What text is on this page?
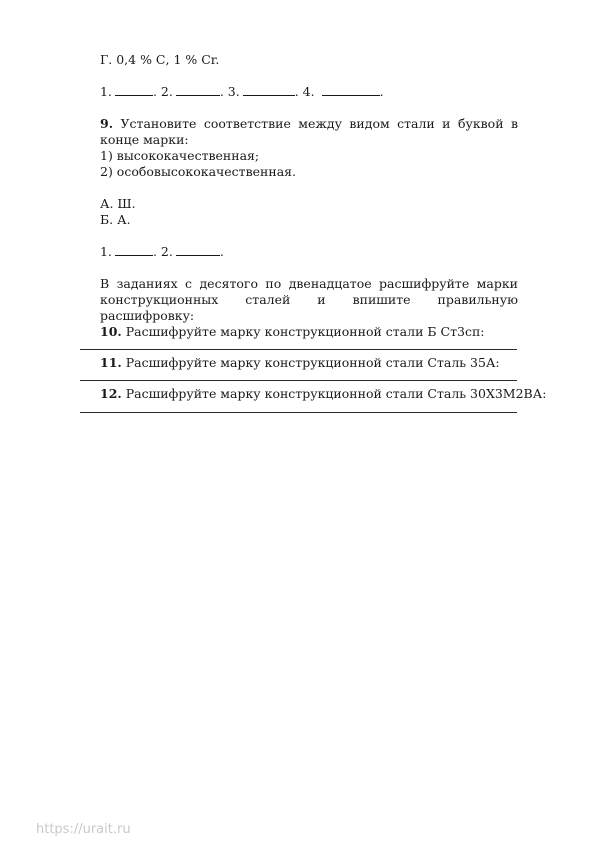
Г. 0,4 % С, 1 % Cr.
1.	. 2.	. 3.	. 4.	.
9. Установите соответствие между видом стали и буквой в конце марки:
1) высококачественная;
2) особовысококачественная.
А. Ш.
Б. А.
1.	. 2.	.
В заданиях с десятого по двенадцатое расшифруйте марки конструкционных сталей и впишите правильную расшифровку:
10. Расшифруйте марку конструкционной стали Б Ст3сп:
11. Расшифруйте марку конструкционной стали Сталь 35А:
12. Расшифруйте марку конструкционной стали Сталь 30Х3М2ВА:
https://urait.ru
